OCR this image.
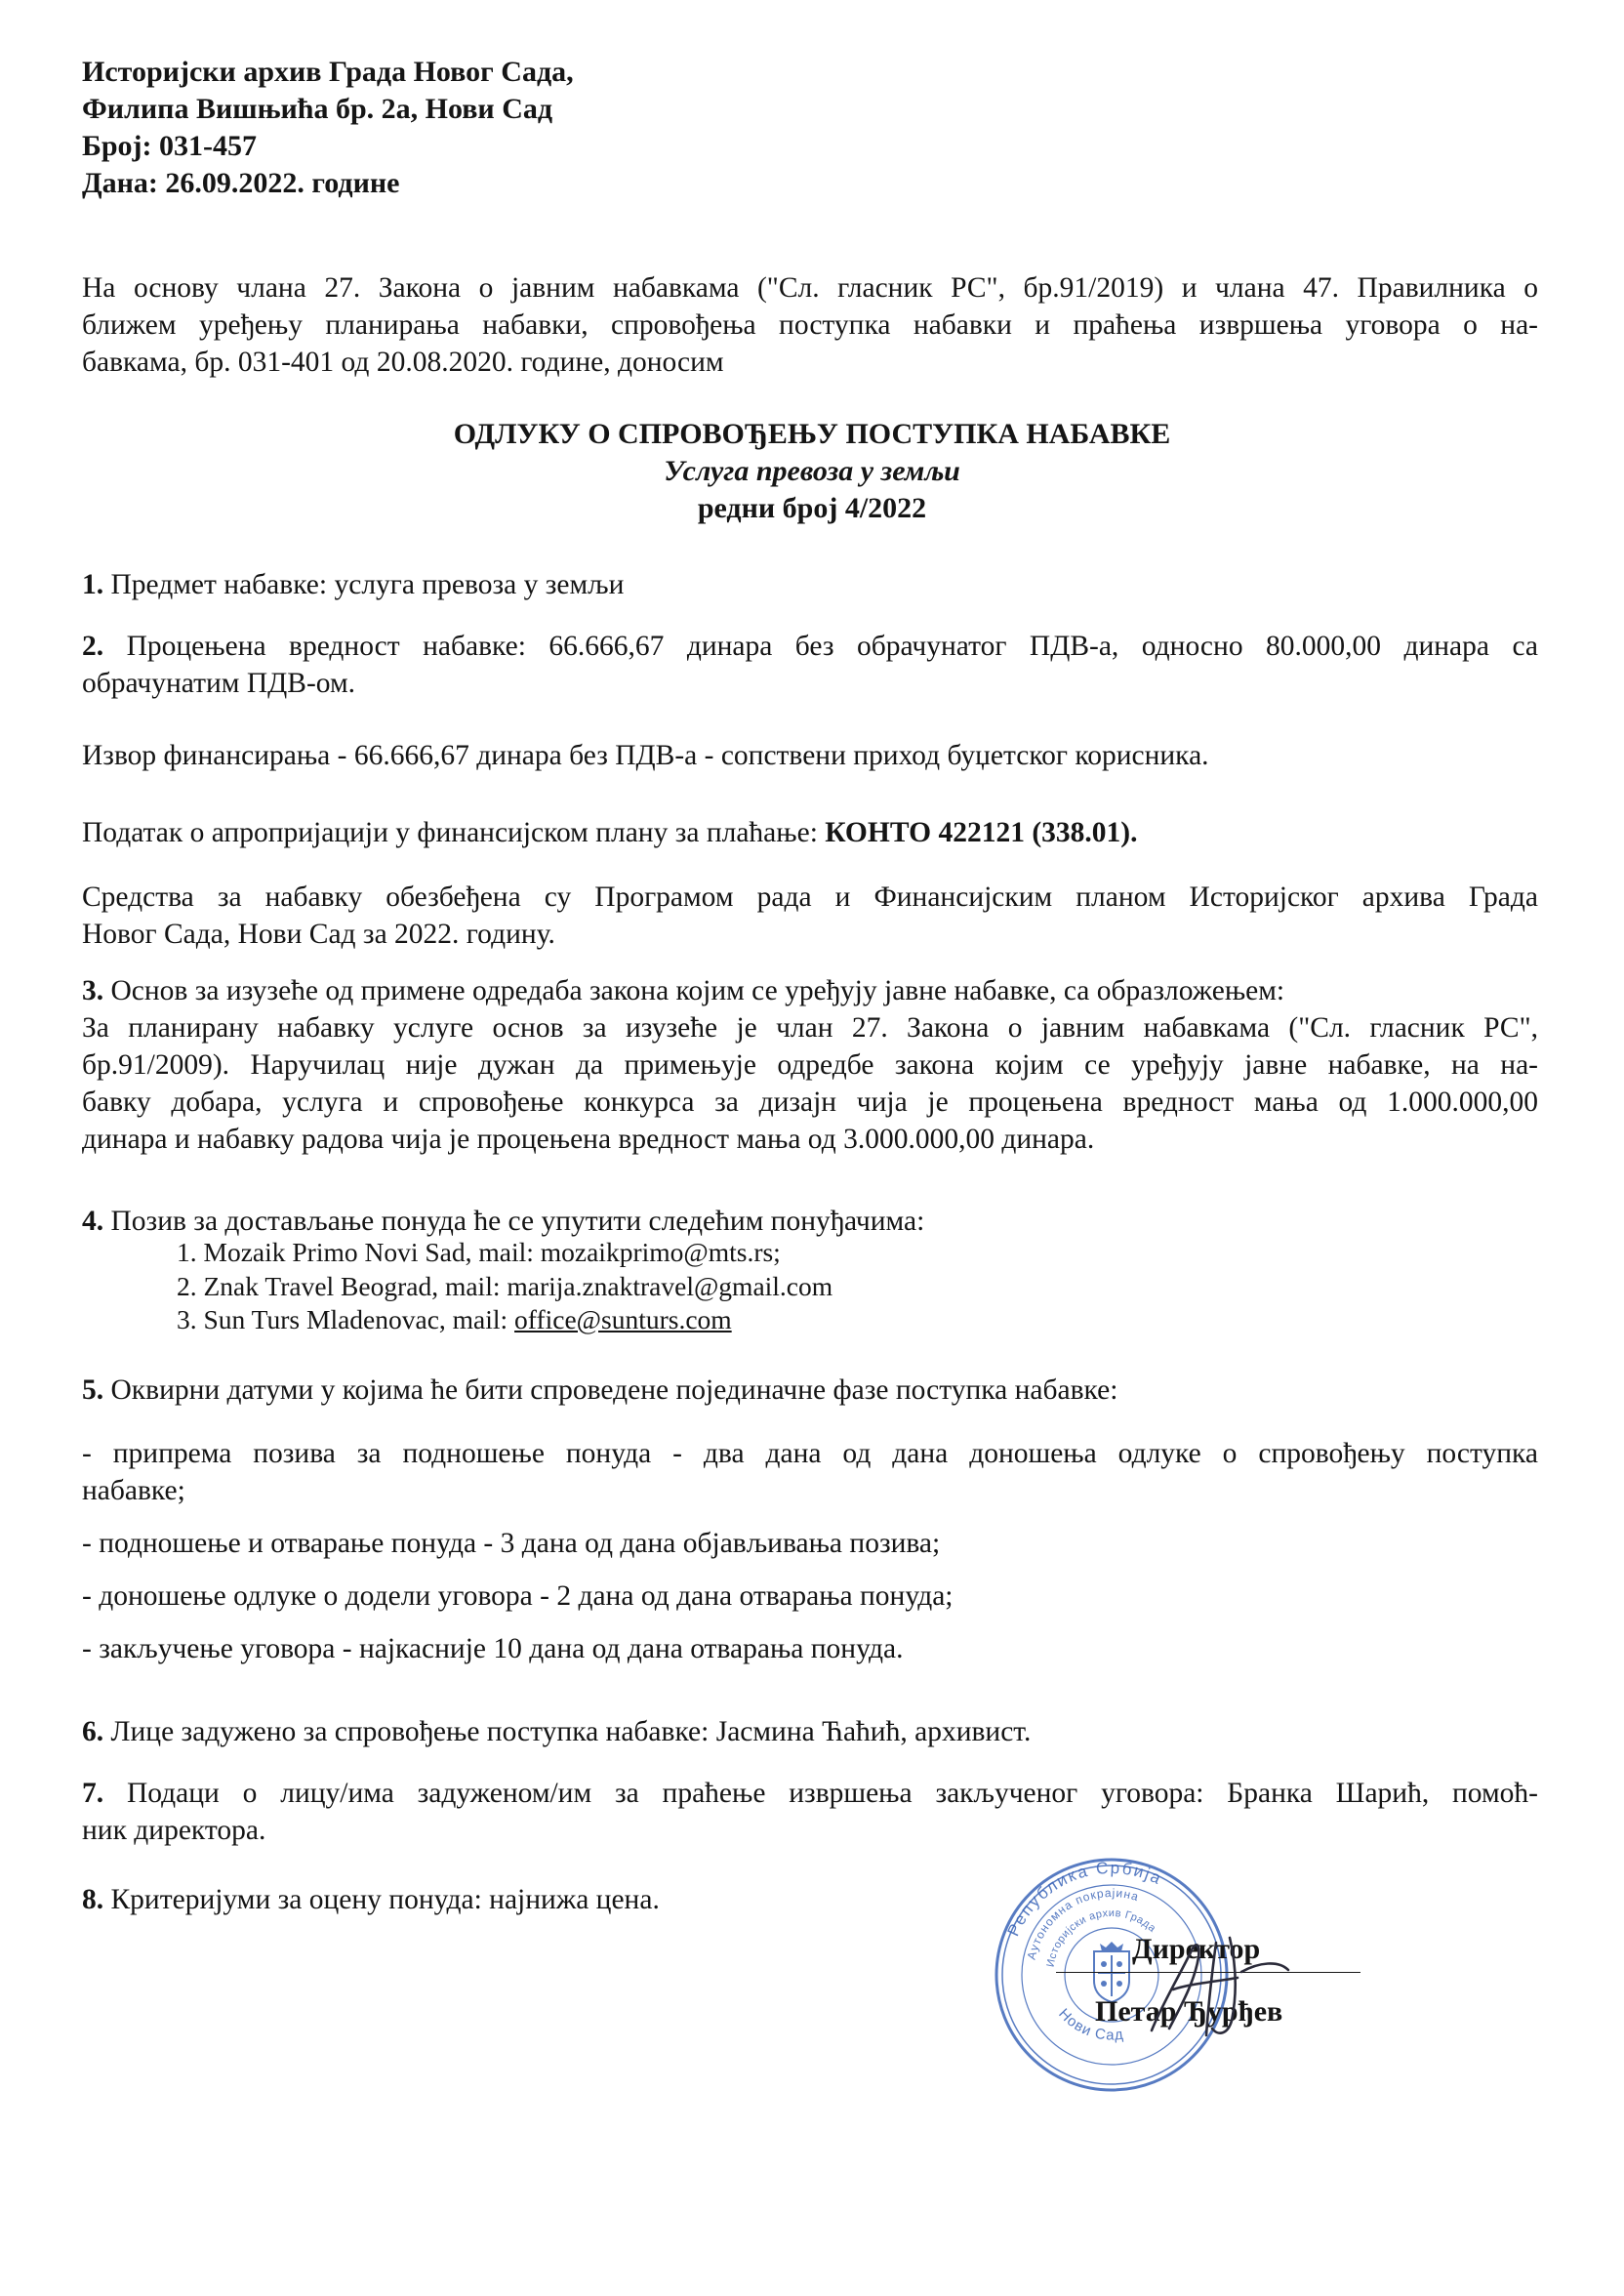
Историјски архив Града Новог Сада,
Филипа Вишњића бр. 2а, Нови Сад
Број: 031-457
Дана: 26.09.2022. године
На основу члана 27. Закона о јавним набавкама ("Сл. гласник РС", бр.91/2019) и члана 47. Правилника о
ближем уређењу планирања набавки, спровођења поступка набавки и праћења извршења уговора о на-
бавкама, бр. 031-401 од 20.08.2020. године, доносим
ОДЛУКУ О СПРОВОЂЕЊУ ПОСТУПКА НАБАВКЕ
Услуга превоза у земљи
редни број 4/2022
1. Предмет набавке: услуга превоза у земљи
2. Процењена вредност набавке: 66.666,67 динара без обрачунатог ПДВ-а, односно 80.000,00 динара са
обрачунатим ПДВ-ом.
Извор финансирања - 66.666,67 динара без ПДВ-а - сопствени приход буџетског корисника.
Податак о апропријацији у финансијском плану за плаћање: КОНТО 422121 (338.01).
Средства за набавку обезбеђена су Програмом рада и Финансијским планом Историјског архива Града
Новог Сада, Нови Сад за 2022. годину.
3. Основ за изузеће од примене одредаба закона којим се уређују јавне набавке, са образложењем:
За планирану набавку услуге основ за изузеће је члан 27. Закона о јавним набавкама ("Сл. гласник РС",
бр.91/2009). Наручилац није дужан да примењује одредбе закона којим се уређују јавне набавке, на на-
бавку добара, услуга и спровођење конкурса за дизајн чија је процењена вредност мања од 1.000.000,00
динара и набавку радова чија је процењена вредност мања од 3.000.000,00 динара.
4. Позив за достављање понуда ће се упутити следећим понуђачима:
1. Mozaik Primo Novi Sad, mail: mozaikprimo@mts.rs;
2. Znak Travel Beograd, mail: marija.znaktravel@gmail.com
3. Sun Turs Mladenovac, mail: office@sunturs.com
5. Оквирни датуми у којима ће бити спроведене појединачне фазе поступка набавке:

- припрема позива за подношење понуда - два дана од дана доношења одлуке о спровођењу поступка
набавке;

- подношење и отварање понуда - 3 дана од дана објављивања позива;

- доношење одлуке о додели уговора - 2 дана од дана отварања понуда;

- закључење уговора - најкасније 10 дана од дана отварања понуда.

6. Лице задужено за спровођење поступка набавке: Јасмина Ћаћић, архивист.
7. Подаци о лицу/има задуженом/им за праћење извршења закљученог уговора: Бранка Шарић, помоћ-
ник директора.
8. Критеријуми за оцену понуда: најнижа цена.
Република Србија
Аутономна покрајина
Историјски архив Града
Нови Сад
Директор
Петар Ђурђев
